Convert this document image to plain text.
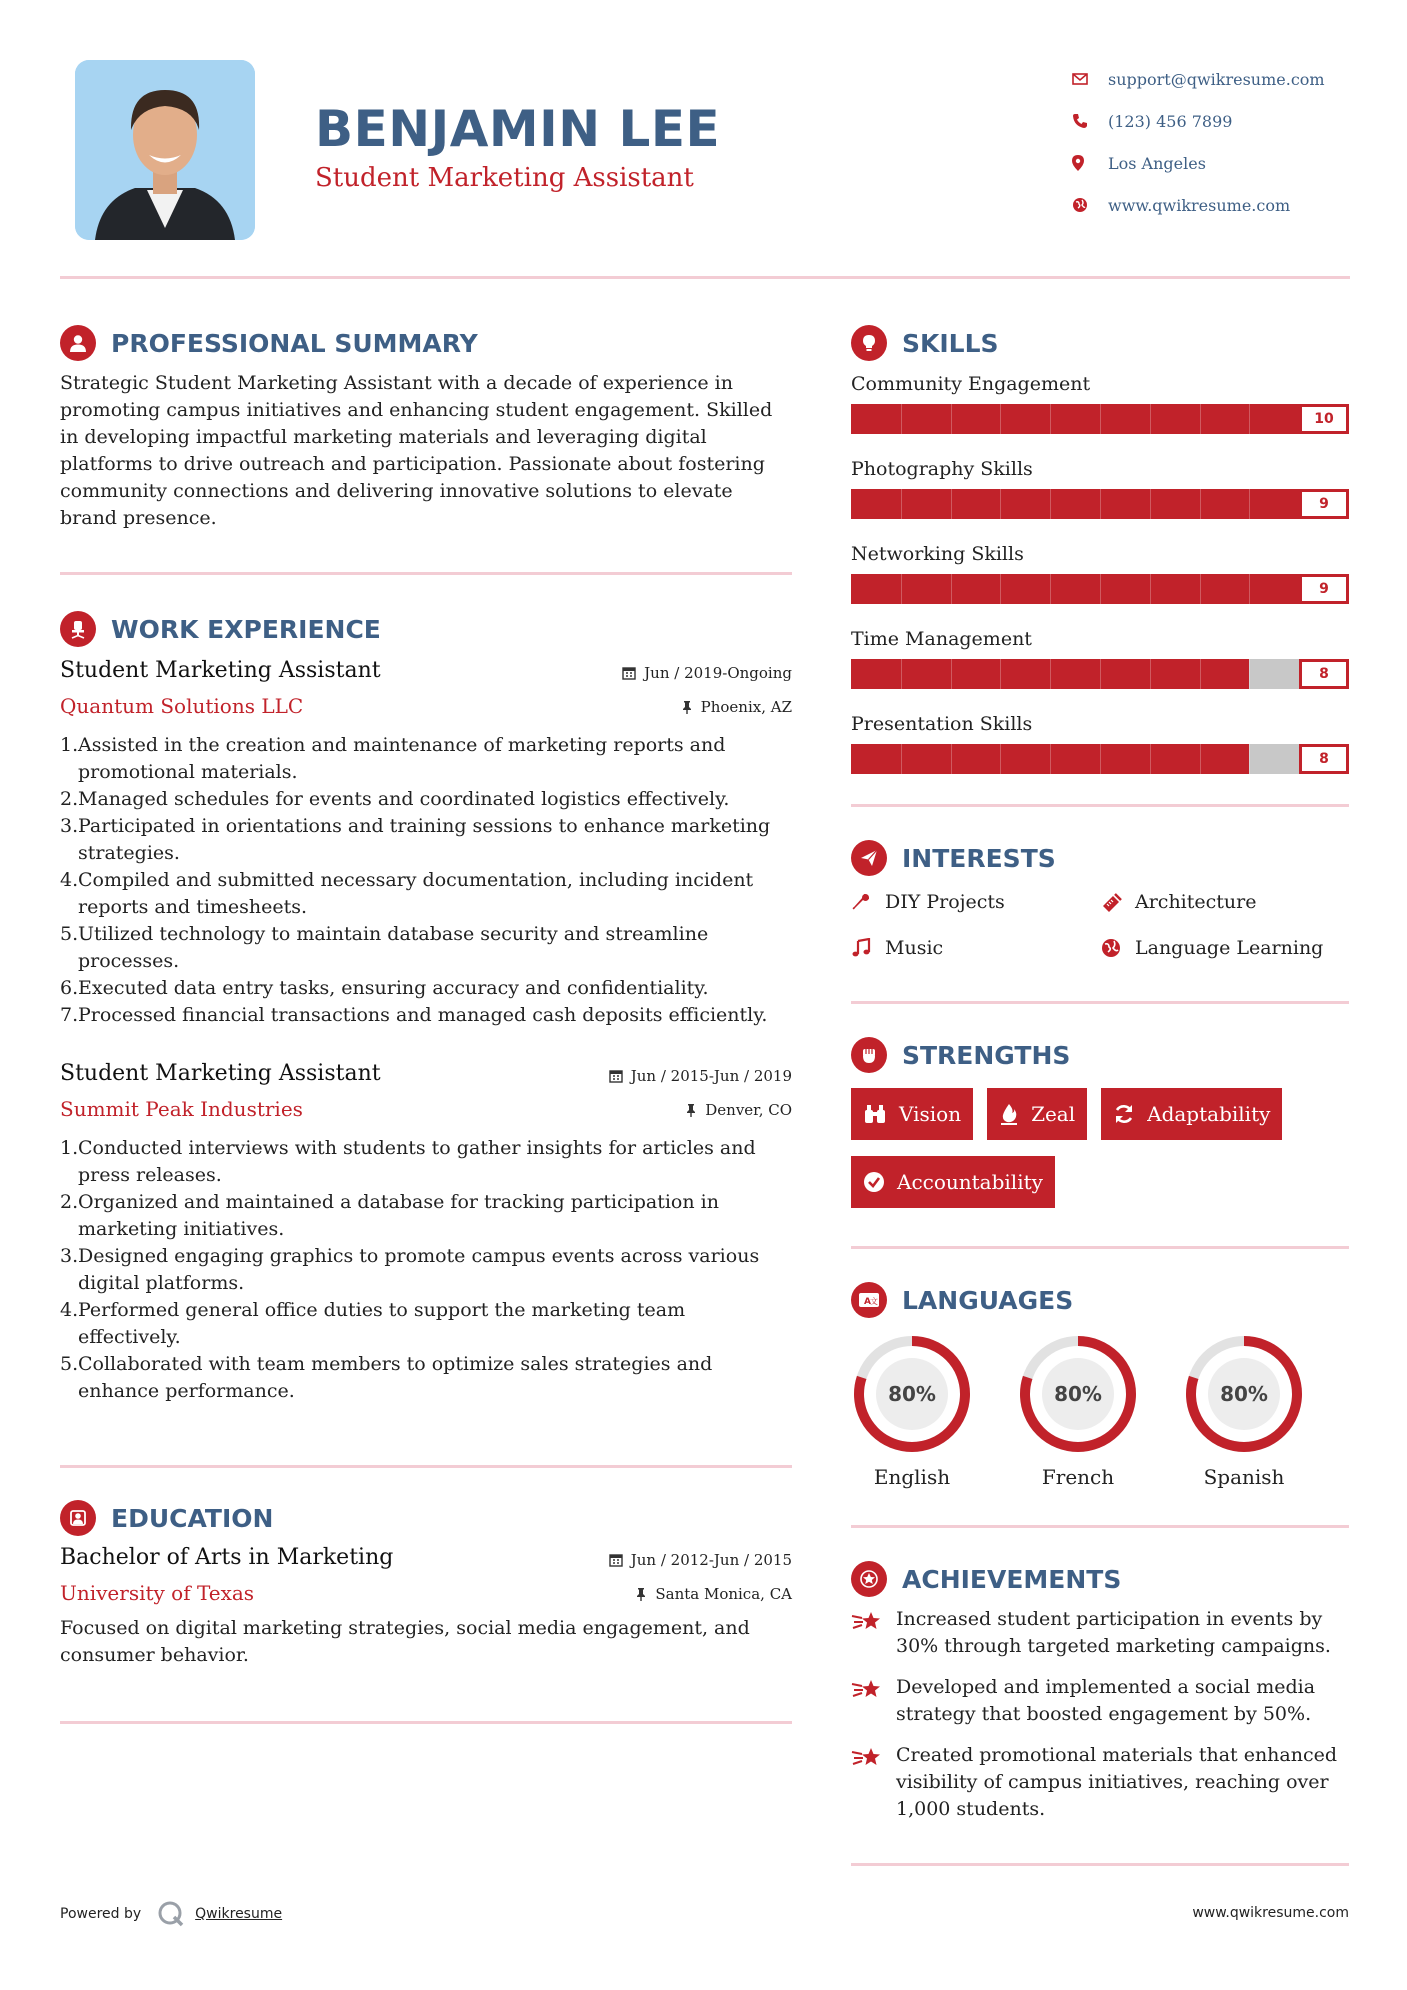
BENJAMIN LEE
Student Marketing Assistant
support@qwikresume.com
(123) 456 7899
Los Angeles
www.qwikresume.com
PROFESSIONAL SUMMARY

Strategic Student Marketing Assistant with a decade of experience in promoting campus initiatives and enhancing student engagement. Skilled in developing impactful marketing materials and leveraging digital platforms to drive outreach and participation. Passionate about fostering community connections and delivering innovative solutions to elevate brand presence.

WORK EXPERIENCE
Student Marketing Assistant	Jun / 2019-Ongoing
Quantum Solutions LLC	Phoenix, AZ
1. Assisted in the creation and maintenance of marketing reports and promotional materials.
2. Managed schedules for events and coordinated logistics effectively.
3. Participated in orientations and training sessions to enhance marketing strategies.
4. Compiled and submitted necessary documentation, including incident reports and timesheets.
5. Utilized technology to maintain database security and streamline processes.
6. Executed data entry tasks, ensuring accuracy and confidentiality.
7. Processed financial transactions and managed cash deposits efficiently.
Student Marketing Assistant	Jun / 2015-Jun / 2019
Summit Peak Industries	Denver, CO
1. Conducted interviews with students to gather insights for articles and press releases.
2. Organized and maintained a database for tracking participation in marketing initiatives.
3. Designed engaging graphics to promote campus events across various digital platforms.
4. Performed general office duties to support the marketing team effectively.
5. Collaborated with team members to optimize sales strategies and enhance performance.
EDUCATION
Bachelor of Arts in Marketing	Jun / 2012-Jun / 2015
University of Texas	Santa Monica, CA

Focused on digital marketing strategies, social media engagement, and consumer behavior.

SKILLS
Community Engagement
10
Photography Skills
9
Networking Skills
9
Time Management
8
Presentation Skills
8
INTERESTS
DIY Projects	Architecture
Music	Language Learning
STRENGTHS
Vision	Zeal	Adaptability
Accountability
A 文 LANGUAGES
80%
English
80%
French
80%
Spanish
ACHIEVEMENTS
Increased student participation in events by 30% through targeted marketing campaigns.
Developed and implemented a social media strategy that boosted engagement by 50%.
Created promotional materials that enhanced visibility of campus initiatives, reaching over 1,000 students.
Powered by	Qwikresume	www.qwikresume.com
